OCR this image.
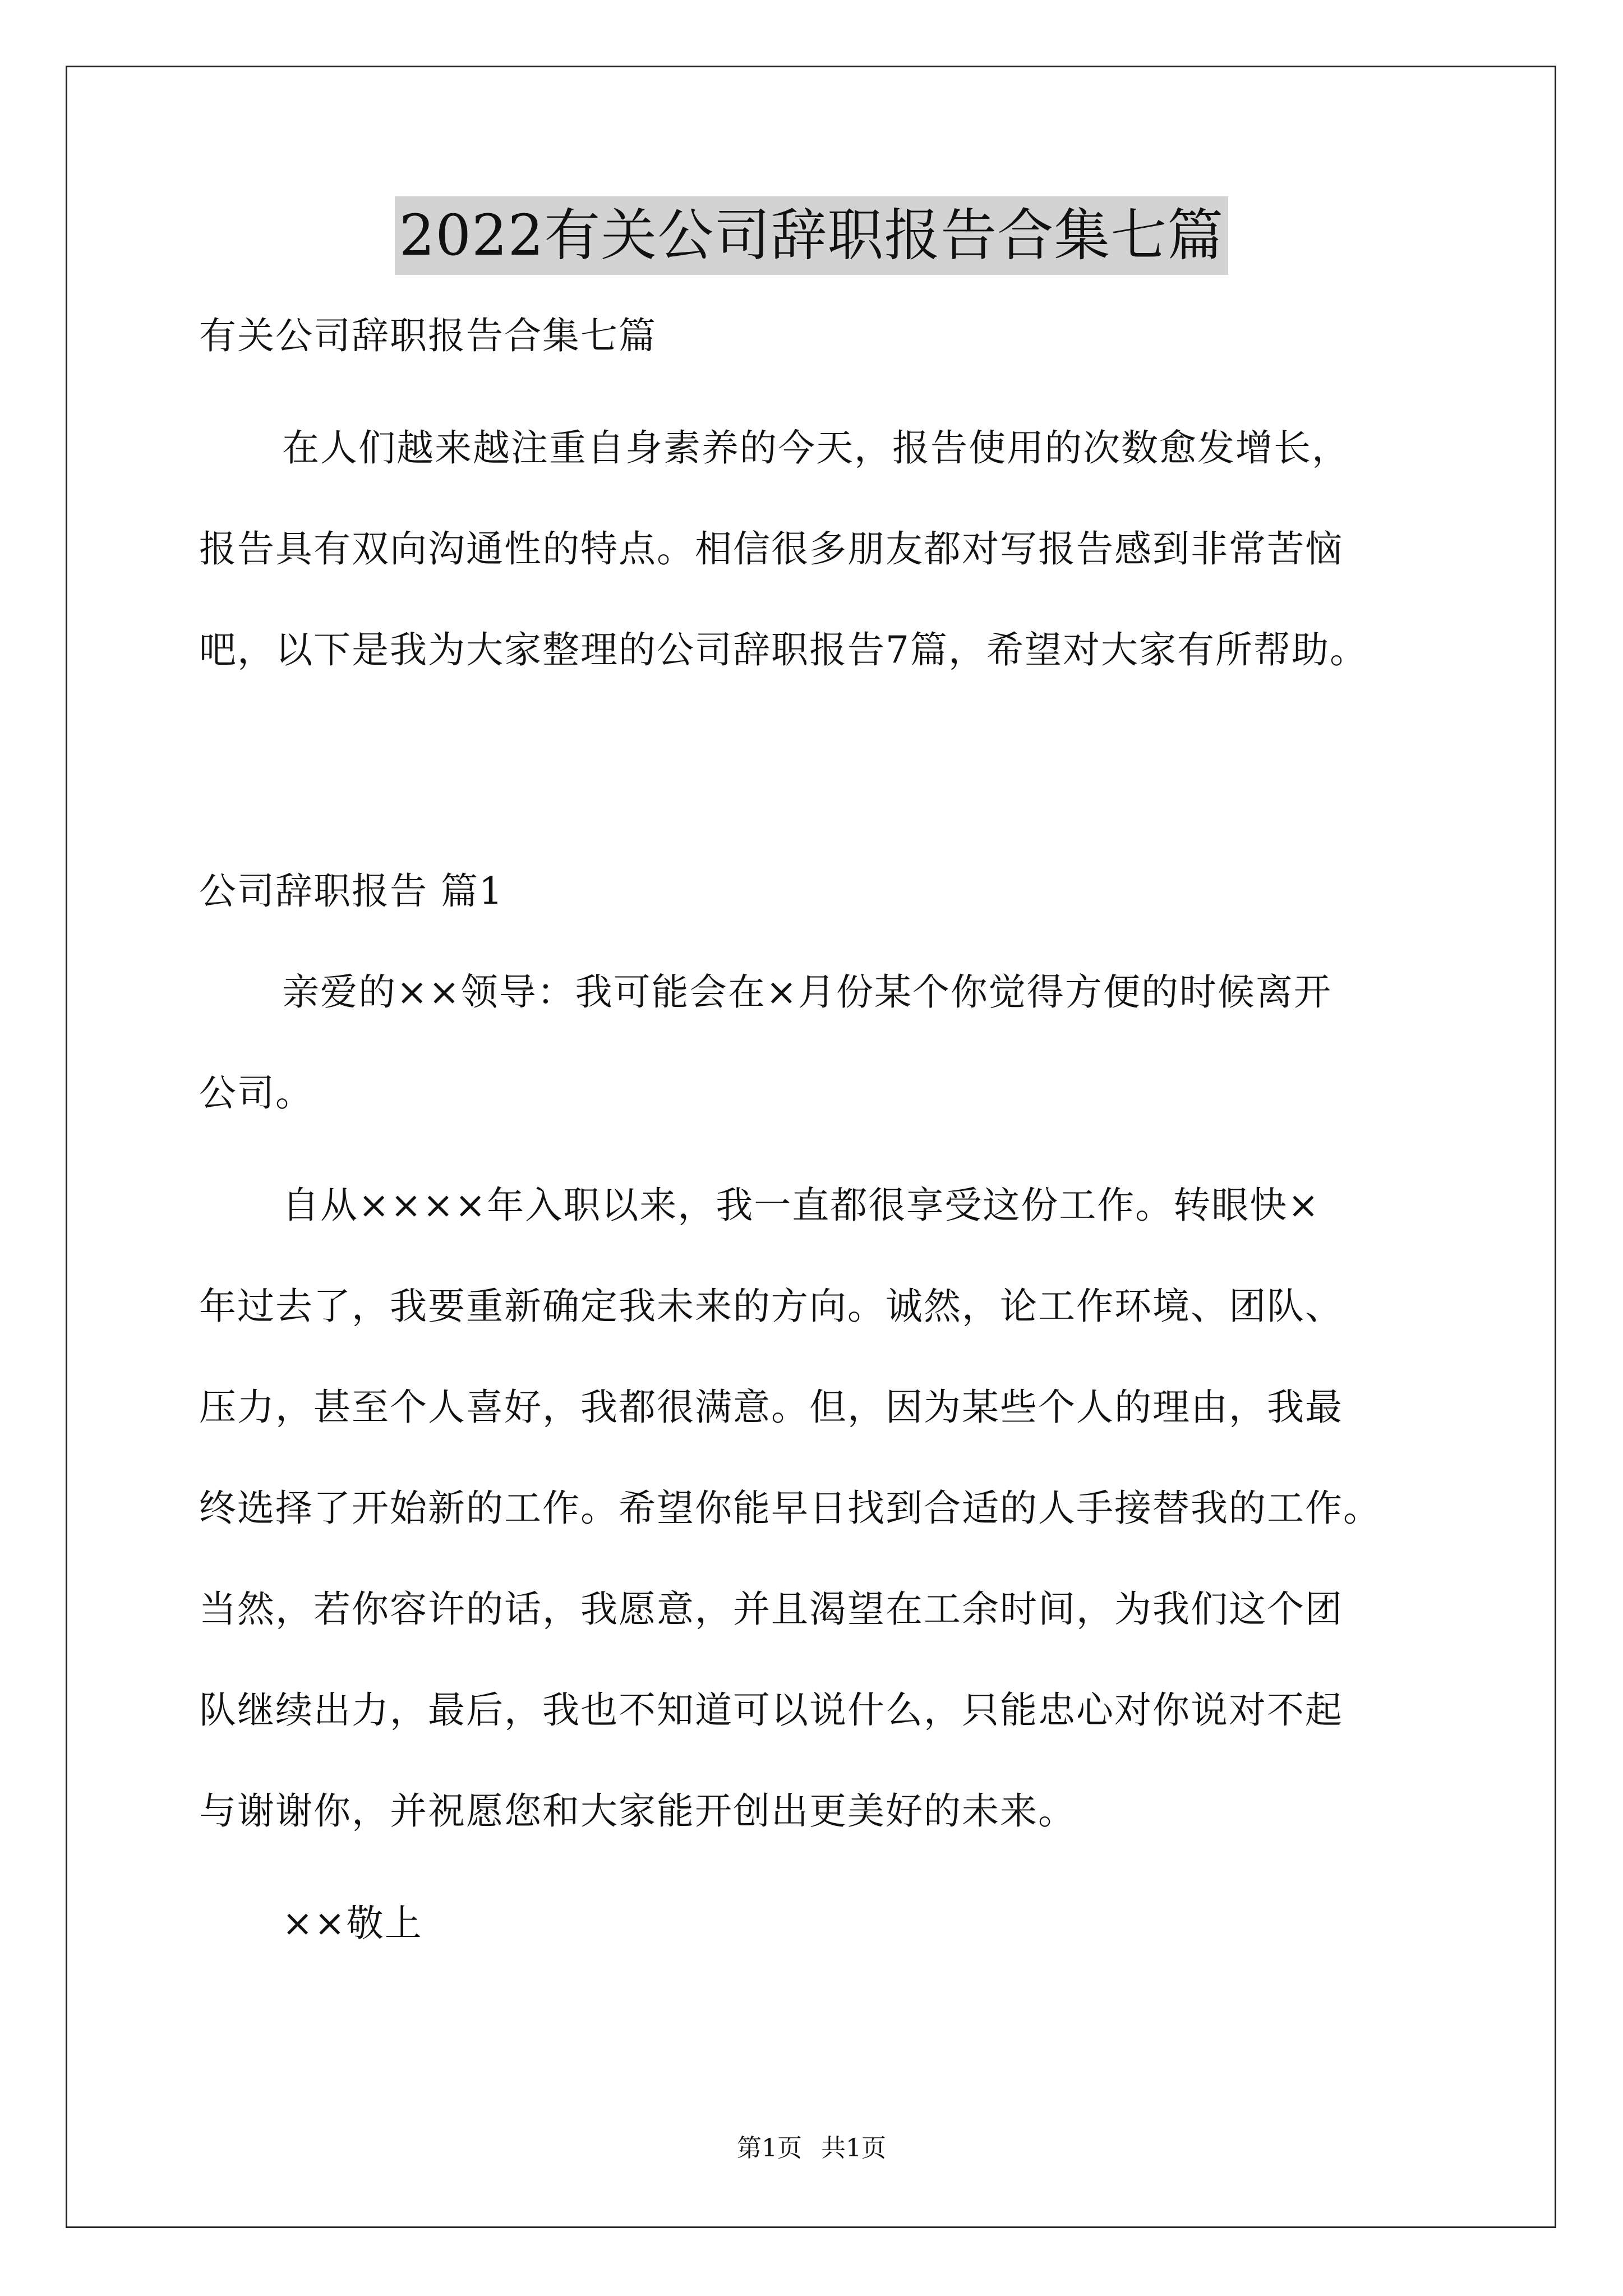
2022有关公司辞职报告合集七篇
有关公司辞职报告合集七篇
在人们越来越注重自身素养的今天，报告使用的次数愈发增长，
报告具有双向沟通性的特点。相信很多朋友都对写报告感到非常苦恼
吧，以下是我为大家整理的公司辞职报告7篇，希望对大家有所帮助。
公司辞职报告 篇1
亲爱的××领导：我可能会在×月份某个你觉得方便的时候离开
公司。
自从××××年入职以来，我一直都很享受这份工作。转眼快×
年过去了，我要重新确定我未来的方向。诚然，论工作环境、团队、
压力，甚至个人喜好，我都很满意。但，因为某些个人的理由，我最
终选择了开始新的工作。希望你能早日找到合适的人手接替我的工作。
当然，若你容许的话，我愿意，并且渴望在工余时间，为我们这个团
队继续出力，最后，我也不知道可以说什么，只能忠心对你说对不起
与谢谢你，并祝愿您和大家能开创出更美好的未来。
××敬上
第1页 共1页
